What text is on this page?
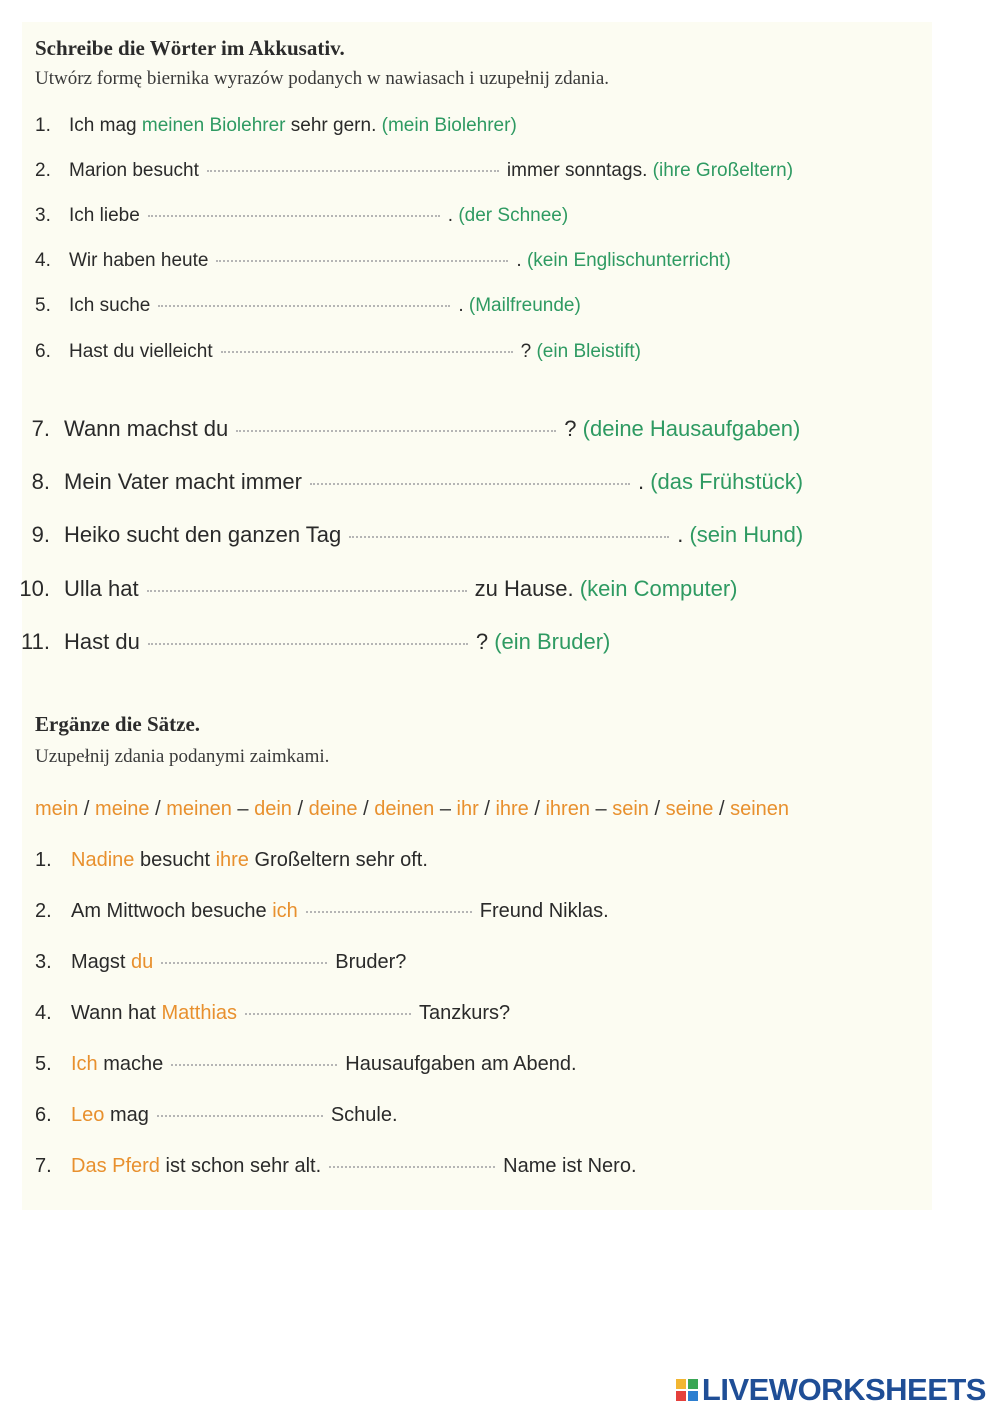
Schreibe die Wörter im Akkusativ.
Utwórz formę biernika wyrazów podanych w nawiasach i uzupełnij zdania.
1. Ich mag
meinen Biolehrer
sehr gern.
(mein Biolehrer)
2. Marion besucht	immer sonntags.
(ihre Großeltern)
3. Ich liebe	.
(der Schnee)
4. Wir haben heute	.
(kein Englischunterricht)
5. Ich suche	.
(Mailfreunde)
6. Hast du vielleicht	?
(ein Bleistift)
7. Wann machst du	?
(deine Hausaufgaben)
8. Mein Vater macht immer	.
(das Frühstück)
9. Heiko sucht den ganzen Tag	.
(sein Hund)
10. Ulla hat	zu Hause.
(kein Computer)
11. Hast du	?
(ein Bruder)
Ergänze die Sätze.
Uzupełnij zdania podanymi zaimkami.
mein / meine / meinen – dein / deine / deinen – ihr / ihre / ihren – sein / seine / seinen
1. Nadine
besucht
ihre
Großeltern sehr oft.
2. Am Mittwoch besuche
ich	Freund Niklas.
3. Magst
du	Bruder?
4. Wann hat
Matthias	Tanzkurs?
5. Ich
mache	Hausaufgaben am Abend.
6. Leo
mag	Schule.
7. Das Pferd
ist schon sehr alt.	Name ist Nero.
LIVEWORKSHEETS
